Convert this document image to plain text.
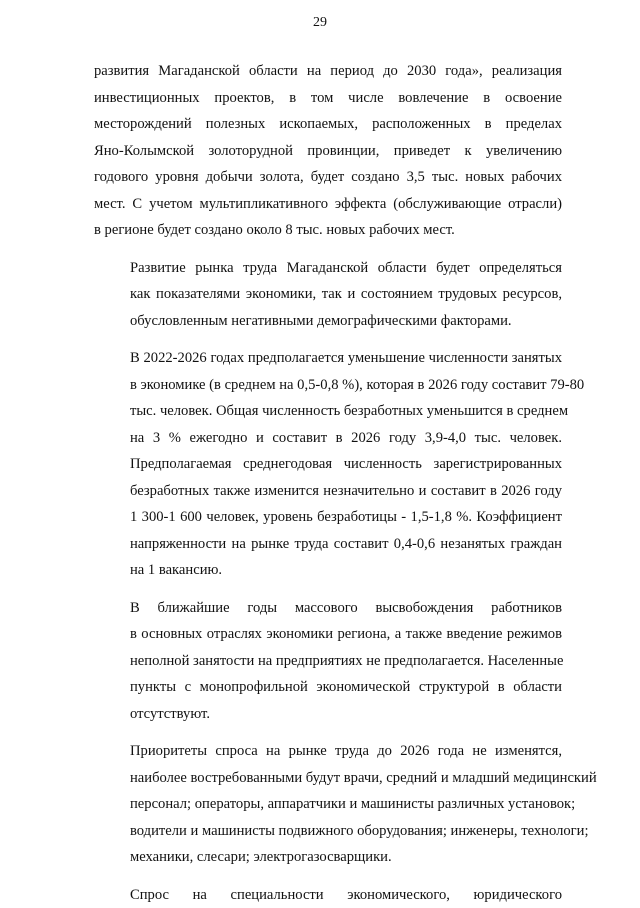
29

развития Магаданской области на период до 2030 года», реализация
инвестиционных проектов, в том числе вовлечение в освоение
месторождений полезных ископаемых, расположенных в пределах
Яно-Колымской золоторудной провинции, приведет к увеличению
годового уровня добычи золота, будет создано 3,5 тыс. новых рабочих
мест. С учетом мультипликативного эффекта (обслуживающие отрасли)
в регионе будет создано около 8 тыс. новых рабочих мест.

Развитие рынка труда Магаданской области будет определяться
как показателями экономики, так и состоянием трудовых ресурсов,
обусловленным негативными демографическими факторами.

В 2022-2026 годах предполагается уменьшение численности занятых
в экономике (в среднем на 0,5-0,8 %), которая в 2026 году составит 79-80
тыс. человек. Общая численность безработных уменьшится в среднем
на 3 % ежегодно и составит в 2026 году 3,9-4,0 тыс. человек.
Предполагаемая среднегодовая численность зарегистрированных
безработных также изменится незначительно и составит в 2026 году
1 300-1 600 человек, уровень безработицы - 1,5-1,8 %. Коэффициент
напряженности на рынке труда составит 0,4-0,6 незанятых граждан
на 1 вакансию.

В ближайшие годы массового высвобождения работников
в основных отраслях экономики региона, а также введение режимов
неполной занятости на предприятиях не предполагается. Населенные
пункты с монопрофильной экономической структурой в области
отсутствуют.

Приоритеты спроса на рынке труда до 2026 года не изменятся,
наиболее востребованными будут врачи, средний и младший медицинский
персонал; операторы, аппаратчики и машинисты различных установок;
водители и машинисты подвижного оборудования; инженеры, технологи;
механики, слесари; электрогазосварщики.

Спрос на специальности экономического, юридического
